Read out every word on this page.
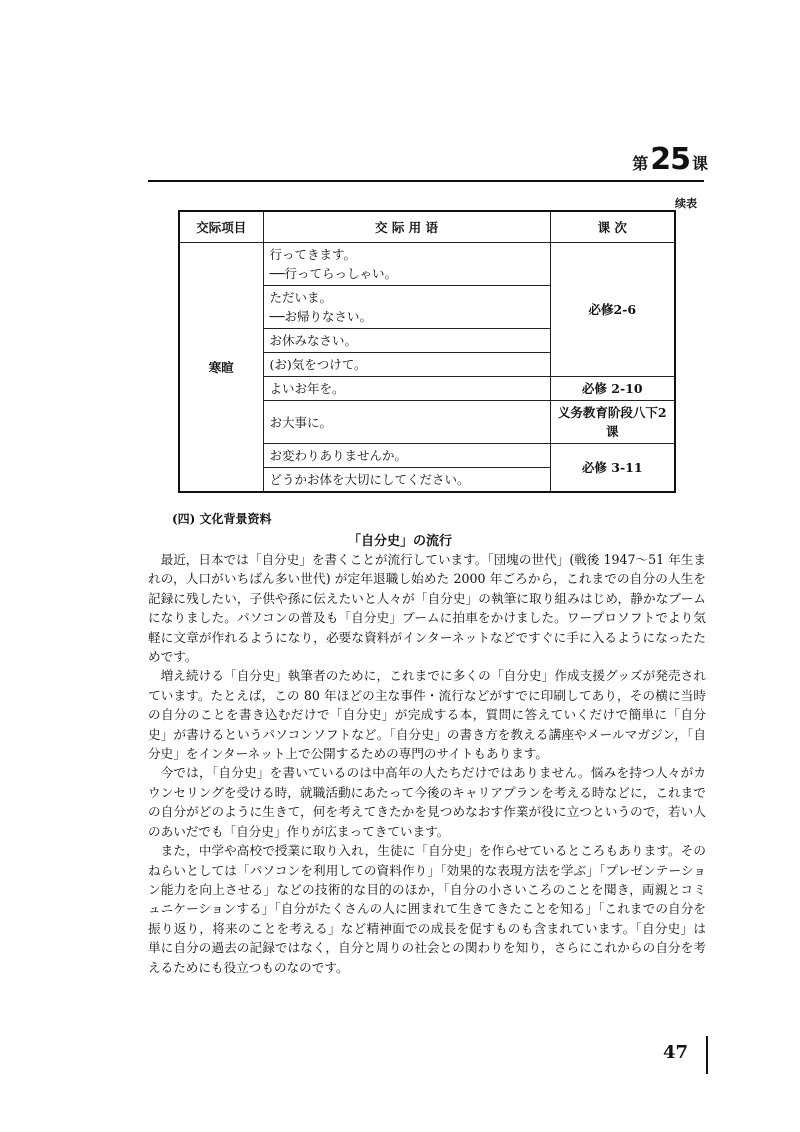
第 25 课
续表
交际项目	交 际 用 语	课 次
寒暄	行ってきます。
──行ってらっしゃい。	必修2-6

	ただいま。
──お帰りなさい。	

	お休みなさい。	

	(お)気をつけて。	

	よいお年を。	必修 2-10

	お大事に。	义务教育阶段八下2课

	お変わりありませんか。	必修 3-11

	どうかお体を大切にしてください。	
(四) 文化背景资料
「自分史」の流行

最近，日本では「自分史」を書くことが流行しています。「団塊の世代」(戦後 1947～51 年生まれの，人口がいちばん多い世代) が定年退職し始めた 2000 年ごろから，これまでの自分の人生を記録に残したい，子供や孫に伝えたいと人々が「自分史」の執筆に取り組みはじめ，静かなブームになりました。パソコンの普及も「自分史」ブームに拍車をかけました。ワープロソフトでより気軽に文章が作れるようになり，必要な資料がインターネットなどですぐに手に入るようになったためです。

増え続ける「自分史」執筆者のために，これまでに多くの「自分史」作成支援グッズが発売されています。たとえば，この 80 年ほどの主な事件・流行などがすでに印刷してあり，その横に当時の自分のことを書き込むだけで「自分史」が完成する本，質問に答えていくだけで簡単に「自分史」が書けるというパソコンソフトなど。「自分史」の書き方を教える講座やメールマガジン，「自分史」をインターネット上で公開するための専門のサイトもあります。

今では，「自分史」を書いているのは中高年の人たちだけではありません。悩みを持つ人々がカウンセリングを受ける時，就職活動にあたって今後のキャリアプランを考える時などに，これまでの自分がどのように生きて，何を考えてきたかを見つめなおす作業が役に立つというので，若い人のあいだでも「自分史」作りが広まってきています。

また，中学や高校で授業に取り入れ，生徒に「自分史」を作らせているところもあります。そのねらいとしては「パソコンを利用しての資料作り」「効果的な表現方法を学ぶ」「プレゼンテーション能力を向上させる」などの技術的な目的のほか，「自分の小さいころのことを聞き，両親とコミュニケーションする」「自分がたくさんの人に囲まれて生きてきたことを知る」「これまでの自分を振り返り，将来のことを考える」など精神面での成長を促すものも含まれています。「自分史」は単に自分の過去の記録ではなく，自分と周りの社会との関わりを知り，さらにこれからの自分を考えるためにも役立つものなのです。

47
